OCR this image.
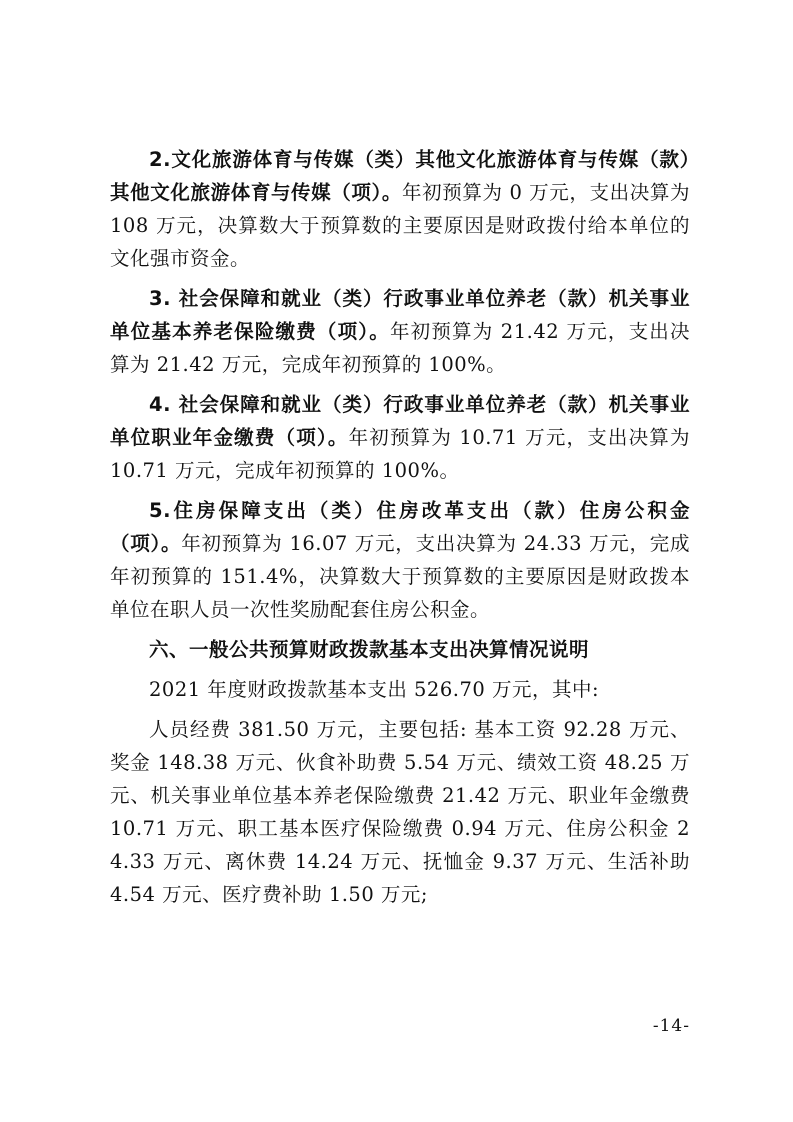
2.文化旅游体育与传媒（类）其他文化旅游体育与传媒（款）其他文化旅游体育与传媒（项）。年初预算为 0 万元，支出决算为 108 万元，决算数大于预算数的主要原因是财政拨付给本单位的文化强市资金。

3. 社会保障和就业（类）行政事业单位养老（款）机关事业单位基本养老保险缴费（项）。年初预算为 21.42 万元，支出决算为 21.42 万元，完成年初预算的 100%。

4. 社会保障和就业（类）行政事业单位养老（款）机关事业单位职业年金缴费（项）。年初预算为 10.71 万元，支出决算为 10.71 万元，完成年初预算的 100%。

5.住房保障支出（类）住房改革支出（款）住房公积金（项）。年初预算为 16.07 万元，支出决算为 24.33 万元，完成年初预算的 151.4%，决算数大于预算数的主要原因是财政拨本单位在职人员一次性奖励配套住房公积金。

六、一般公共预算财政拨款基本支出决算情况说明

2021 年度财政拨款基本支出 526.70 万元，其中:

人员经费 381.50 万元，主要包括: 基本工资 92.28 万元、奖金 148.38 万元、伙食补助费 5.54 万元、绩效工资 48.25 万元、机关事业单位基本养老保险缴费 21.42 万元、职业年金缴费 10.71 万元、职工基本医疗保险缴费 0.94 万元、住房公积金 24.33 万元、离休费 14.24 万元、抚恤金 9.37 万元、生活补助 4.54 万元、医疗费补助 1.50 万元;

-14-
